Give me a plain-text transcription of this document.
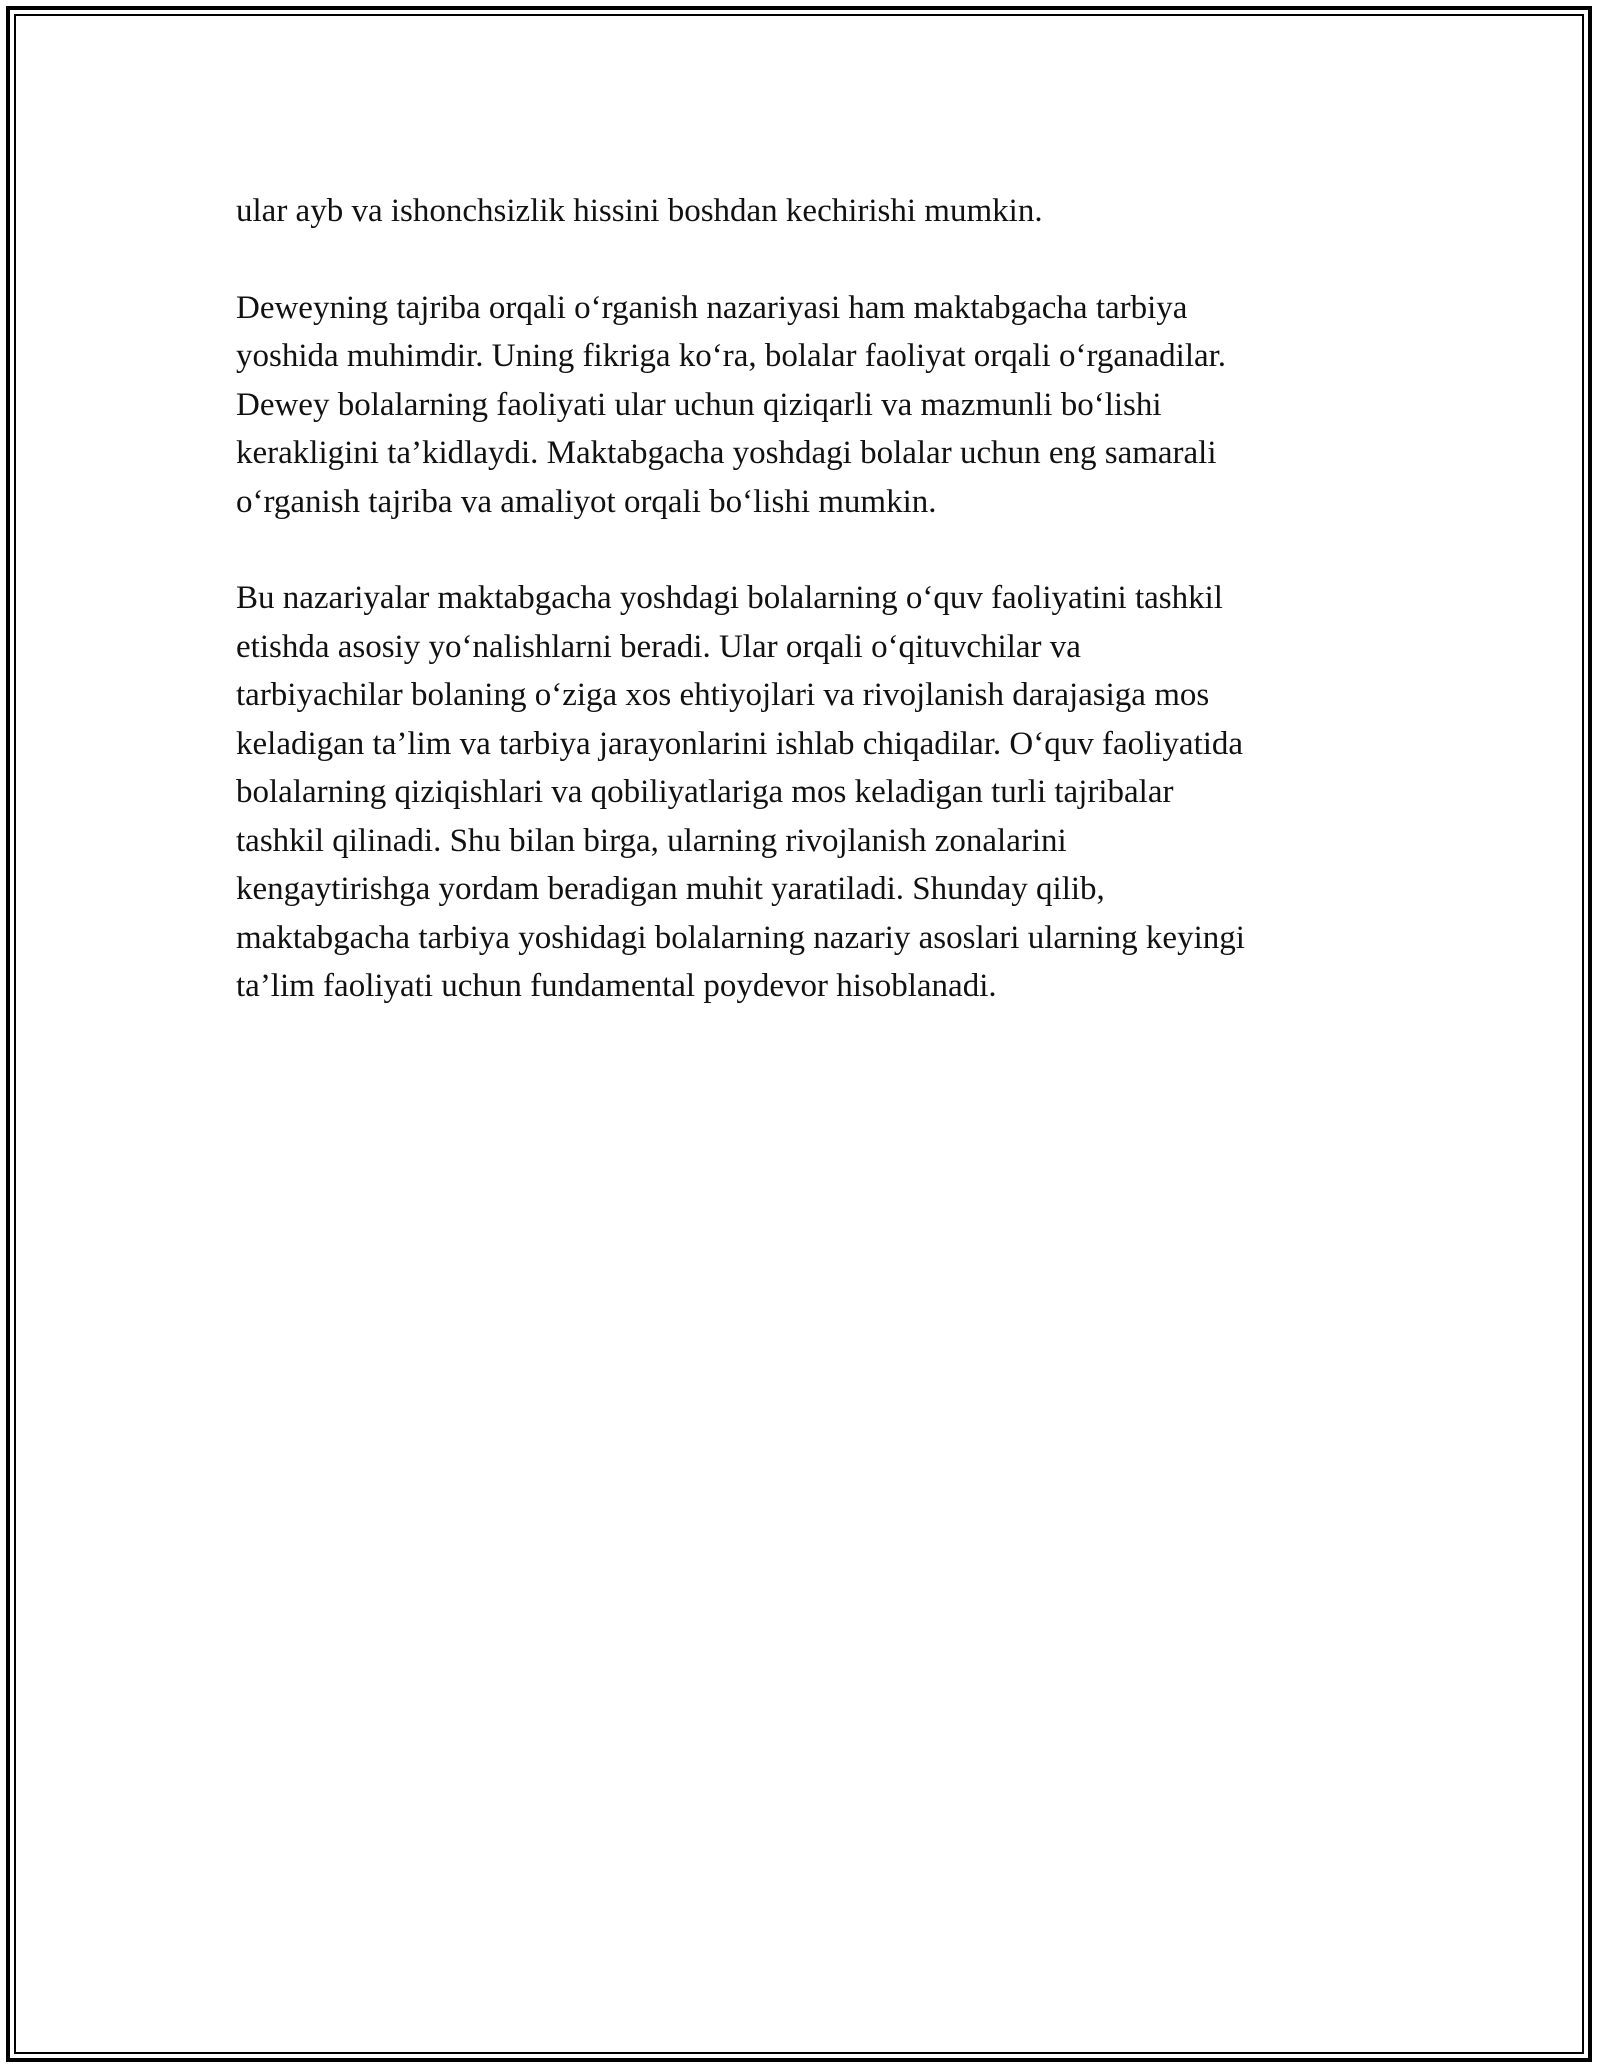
ular ayb va ishonchsizlik hissini boshdan kechirishi mumkin.

Deweyning tajriba orqali o‘rganish nazariyasi ham maktabgacha tarbiya
yoshida muhimdir. Uning fikriga ko‘ra, bolalar faoliyat orqali o‘rganadilar.
Dewey bolalarning faoliyati ular uchun qiziqarli va mazmunli bo‘lishi
kerakligini ta’kidlaydi. Maktabgacha yoshdagi bolalar uchun eng samarali
o‘rganish tajriba va amaliyot orqali bo‘lishi mumkin.

Bu nazariyalar maktabgacha yoshdagi bolalarning o‘quv faoliyatini tashkil
etishda asosiy yo‘nalishlarni beradi. Ular orqali o‘qituvchilar va
tarbiyachilar bolaning o‘ziga xos ehtiyojlari va rivojlanish darajasiga mos
keladigan ta’lim va tarbiya jarayonlarini ishlab chiqadilar. O‘quv faoliyatida
bolalarning qiziqishlari va qobiliyatlariga mos keladigan turli tajribalar
tashkil qilinadi. Shu bilan birga, ularning rivojlanish zonalarini
kengaytirishga yordam beradigan muhit yaratiladi. Shunday qilib,
maktabgacha tarbiya yoshidagi bolalarning nazariy asoslari ularning keyingi
ta’lim faoliyati uchun fundamental poydevor hisoblanadi.
